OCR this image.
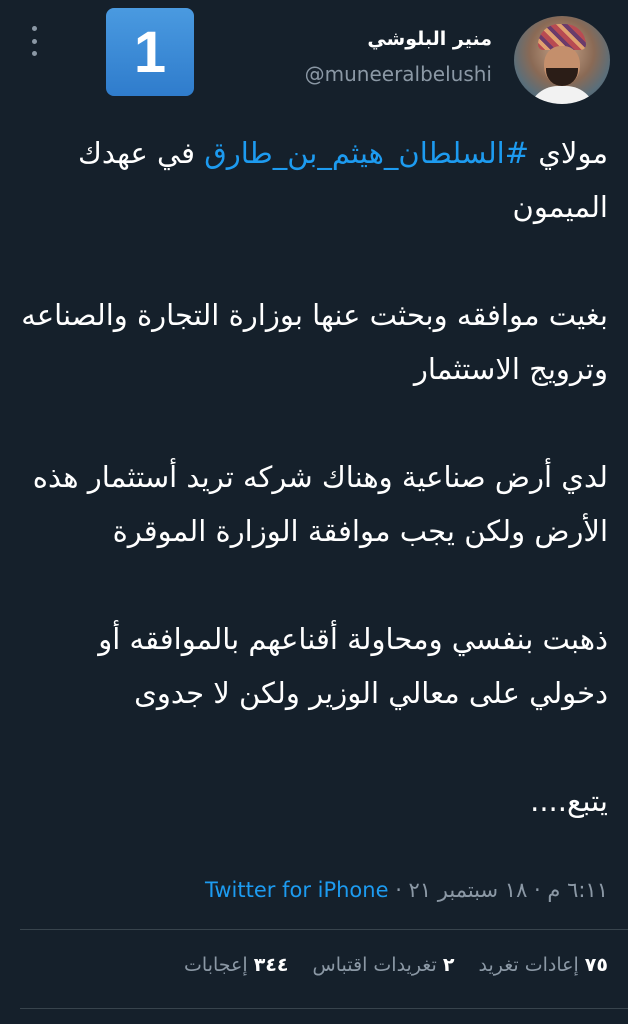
1	منير البلوشي
@muneeralbelushi

مولاي #السلطان_هيثم_بن_طارق في عهدك الميمون

بغيت موافقه وبحثت عنها بوزارة التجارة والصناعه وترويج الاستثمار

لدي أرض صناعية وهناك شركه تريد أستثمار هذه الأرض ولكن يجب موافقة الوزارة الموقرة

ذهبت بنفسي ومحاولة أقناعهم بالموافقه أو دخولي على معالي الوزير ولكن لا جدوى

يتبع....

٦:١١ م · ١٨ سبتمبر ٢١ · Twitter for iPhone
٧٥ إعادات تغريد ٢ تغريدات اقتباس ٣٤٤ إعجابات
